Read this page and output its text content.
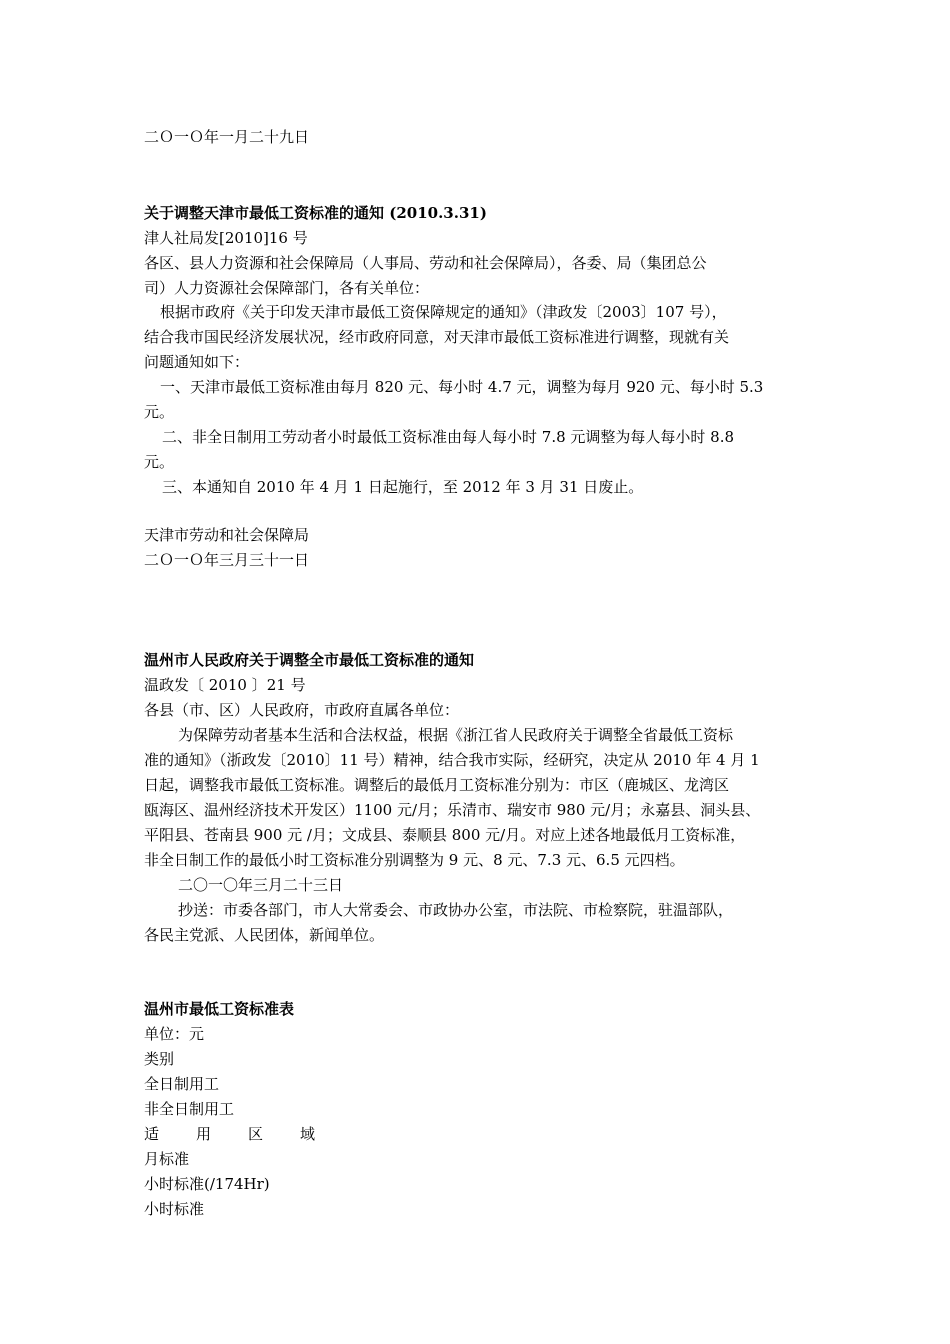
二Ｏ一Ｏ年一月二十九日
关于调整天津市最低工资标准的通知 (2010.3.31)
津人社局发[2010]16 号
各区、县人力资源和社会保障局（人事局、劳动和社会保障局），各委、局（集团总公
司）人力资源社会保障部门，各有关单位：
根据市政府《关于印发天津市最低工资保障规定的通知》（津政发〔2003〕107 号），
结合我市国民经济发展状况，经市政府同意，对天津市最低工资标准进行调整，现就有关
问题通知如下：
一、天津市最低工资标准由每月 820 元、每小时 4.7 元，调整为每月 920 元、每小时 5.3
元。
二、非全日制用工劳动者小时最低工资标准由每人每小时 7.8 元调整为每人每小时 8.8
元。
三、本通知自 2010 年 4 月 1 日起施行，至 2012 年 3 月 31 日废止。
天津市劳动和社会保障局
二Ｏ一Ｏ年三月三十一日
温州市人民政府关于调整全市最低工资标准的通知
温政发〔 2010 〕21 号
各县（市、区）人民政府，市政府直属各单位：
为保障劳动者基本生活和合法权益，根据《浙江省人民政府关于调整全省最低工资标
准的通知》（浙政发〔2010〕11 号）精神，结合我市实际，经研究，决定从 2010 年 4 月 1
日起，调整我市最低工资标准。调整后的最低月工资标准分别为：市区（鹿城区、龙湾区
瓯海区、温州经济技术开发区）1100 元/月；乐清市、瑞安市 980 元/月；永嘉县、洞头县、
平阳县、苍南县 900 元 /月；文成县、泰顺县 800 元/月。对应上述各地最低月工资标准，
非全日制工作的最低小时工资标准分别调整为 9 元、8 元、7.3 元、6.5 元四档。
二〇一〇年三月二十三日
抄送：市委各部门，市人大常委会、市政协办公室，市法院、市检察院，驻温部队，
各民主党派、人民团体，新闻单位。
温州市最低工资标准表
单位：元
类别
全日制用工
非全日制用工
适 用 区 域
月标准
小时标准(/174Hr)
小时标准
